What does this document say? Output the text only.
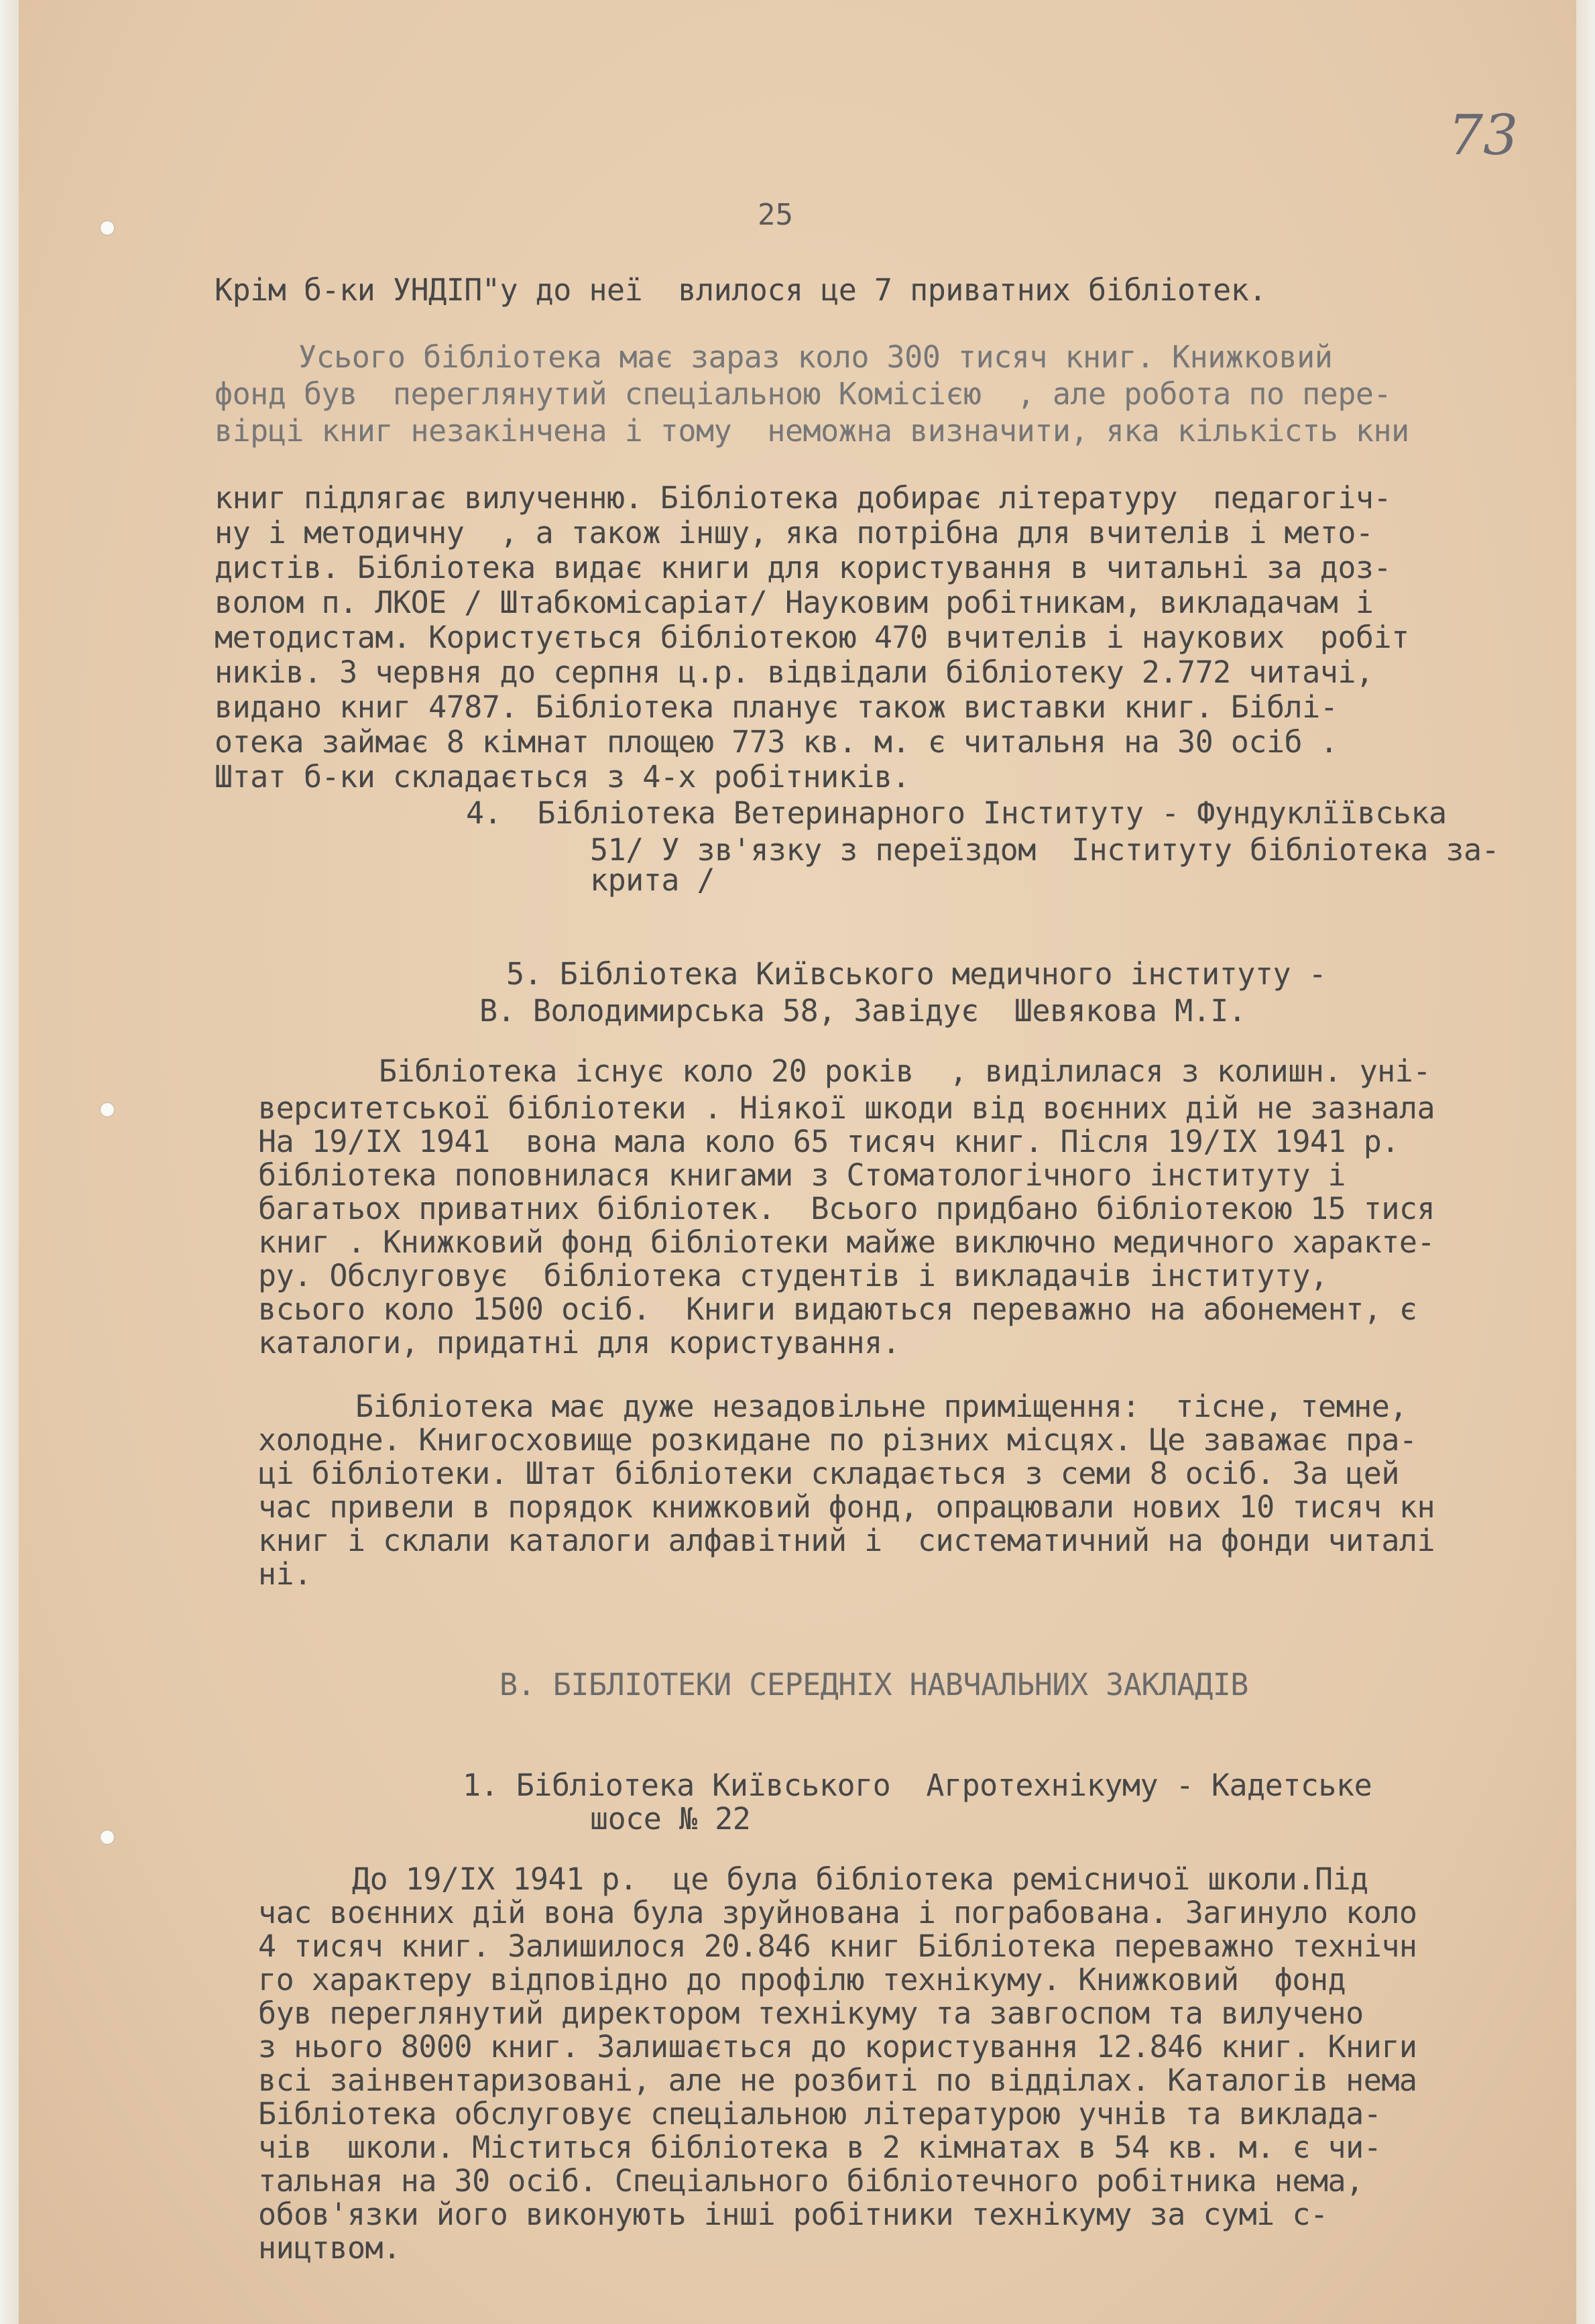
73
25
Крім б-ки УНДІП"у до неї  влилося це 7 приватних бібліотек.
Усього бібліотека має зараз коло 300 тисяч книг. Книжковий
фонд був  переглянутий спеціальною Комісією  , але робота по пере-
вірці книг незакінчена і тому  неможна визначити, яка кількість кни
книг підлягає вилученню. Бібліотека добирає літературу  педагогіч-
ну і методичну  , а також іншу, яка потрібна для вчителів і мето-
дистів. Бібліотека видає книги для користування в читальні за доз-
волом п. ЛКОЕ / Штабкомісаріат/ Науковим робітникам, викладачам і
методистам. Користується бібліотекою 470 вчителів і наукових  робіт
ників. З червня до серпня ц.р. відвідали бібліотеку 2.772 читачі,
видано книг 4787. Бібліотека планує також виставки книг. Біблі-
отека займає 8 кімнат площею 773 кв. м. є читальня на 30 осіб .
Штат б-ки складається з 4-х робітників.
4.  Бібліотека Ветеринарного Інституту - Фундуклїївська
51/ У зв'язку з переїздом  Інституту бібліотека за-
крита /
5. Бібліотека Київського медичного інституту -
В. Володимирська 58, Завідує  Шевякова М.І.
Бібліотека існує коло 20 років  , виділилася з колишн. уні-
верситетської бібліотеки . Ніякої шкоди від воєнних дій не зазнала
На 19/IX 1941  вона мала коло 65 тисяч книг. Після 19/IX 1941 р.
бібліотека поповнилася книгами з Стоматологічного інституту і
багатьох приватних бібліотек.  Всього придбано бібліотекою 15 тися
книг . Книжковий фонд бібліотеки майже виключно медичного характе-
ру. Обслуговує  бібліотека студентів і викладачів інституту,
всього коло 1500 осіб.  Книги видаються переважно на абонемент, є
каталоги, придатні для користування.
Бібліотека має дуже незадовільне приміщення:  тісне, темне,
холодне. Книгосховище розкидане по різних місцях. Це заважає пра-
ці бібліотеки. Штат бібліотеки складається з семи 8 осіб. За цей
час привели в порядок книжковий фонд, опрацювали нових 10 тисяч кн
книг і склали каталоги алфавітний і  систематичний на фонди читалі
ні.
В. БІБЛІОТЕКИ СЕРЕДНІХ НАВЧАЛЬНИХ ЗАКЛАДІВ
1. Бібліотека Київського  Агротехнікуму - Кадетське
шосе № 22
До 19/IX 1941 р.  це була бібліотека ремісничої школи.Під
час воєнних дій вона була зруйнована і пограбована. Загинуло коло
4 тисяч книг. Залишилося 20.846 книг Бібліотека переважно технічн
го характеру відповідно до профілю технікуму. Книжковий  фонд
був переглянутий директором технікуму та завгоспом та вилучено
з нього 8000 книг. Залишається до користування 12.846 книг. Книги
всі заінвентаризовані, але не розбиті по відділах. Каталогів нема
Бібліотека обслуговує спеціальною літературою учнів та виклада-
чів  школи. Міститься бібліотека в 2 кімнатах в 54 кв. м. є чи-
тальная на 30 осіб. Спеціального бібліотечного робітника нема,
обов'язки його виконують інші робітники технікуму за сумі с-
ництвом.
